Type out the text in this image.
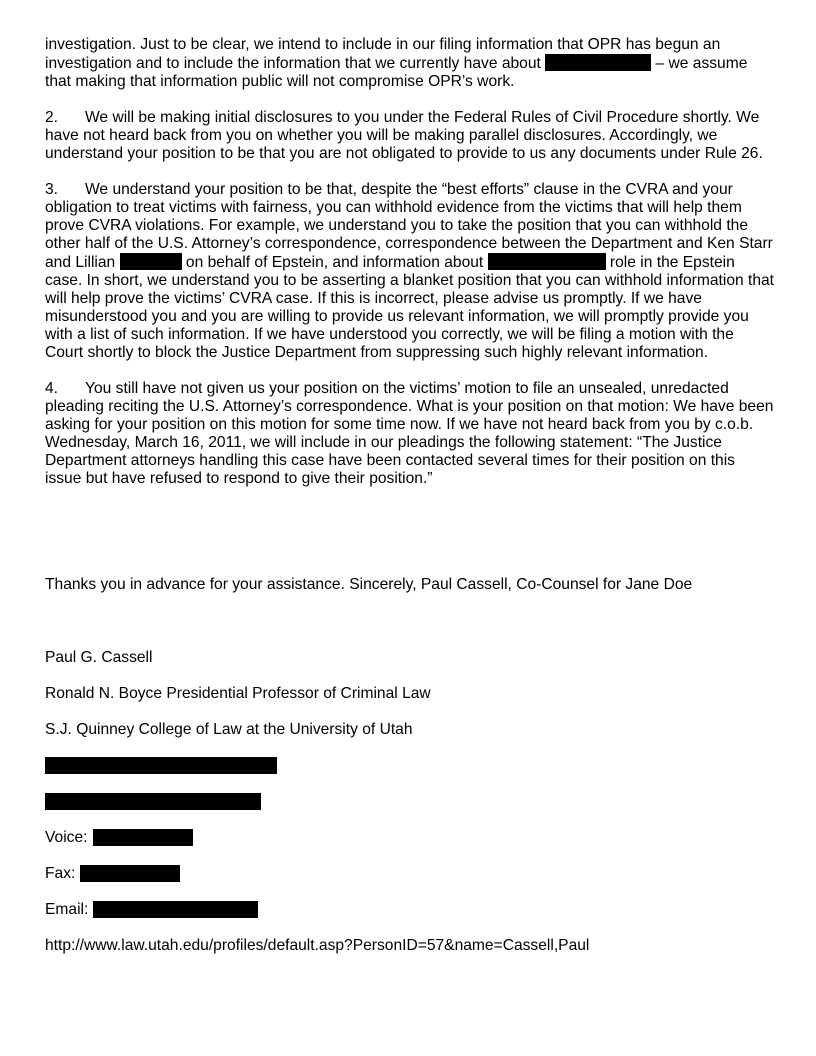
investigation. Just to be clear, we intend to include in our filing information that OPR has begun an investigation and to include the information that we currently have about	– we assume that making that information public will not compromise OPR’s work.

2. We will be making initial disclosures to you under the Federal Rules of Civil Procedure shortly. We have not heard back from you on whether you will be making parallel disclosures. Accordingly, we understand your position to be that you are not obligated to provide to us any documents under Rule 26.

3. We understand your position to be that, despite the “best efforts” clause in the CVRA and your obligation to treat victims with fairness, you can withhold evidence from the victims that will help them prove CVRA violations. For example, we understand you to take the position that you can withhold the other half of the U.S. Attorney’s correspondence, correspondence between the Department and Ken Starr and Lillian	on behalf of Epstein, and information about	role in the Epstein case. In short, we understand you to be asserting a blanket position that you can withhold information that will help prove the victims’ CVRA case. If this is incorrect, please advise us promptly. If we have misunderstood you and you are willing to provide us relevant information, we will promptly provide you with a list of such information. If we have understood you correctly, we will be filing a motion with the Court shortly to block the Justice Department from suppressing such highly relevant information.

4. You still have not given us your position on the victims’ motion to file an unsealed, unredacted pleading reciting the U.S. Attorney’s correspondence. What is your position on that motion: We have been asking for your position on this motion for some time now. If we have not heard back from you by c.o.b. Wednesday, March 16, 2011, we will include in our pleadings the following statement: “The Justice Department attorneys handling this case have been contacted several times for their position on this issue but have refused to respond to give their position.”

Thanks you in advance for your assistance. Sincerely, Paul Cassell, Co-Counsel for Jane Doe
Paul G. Cassell
Ronald N. Boyce Presidential Professor of Criminal Law
S.J. Quinney College of Law at the University of Utah
Voice:
Fax:
Email:
http://www.law.utah.edu/profiles/default.asp?PersonID=57&name=Cassell,Paul
